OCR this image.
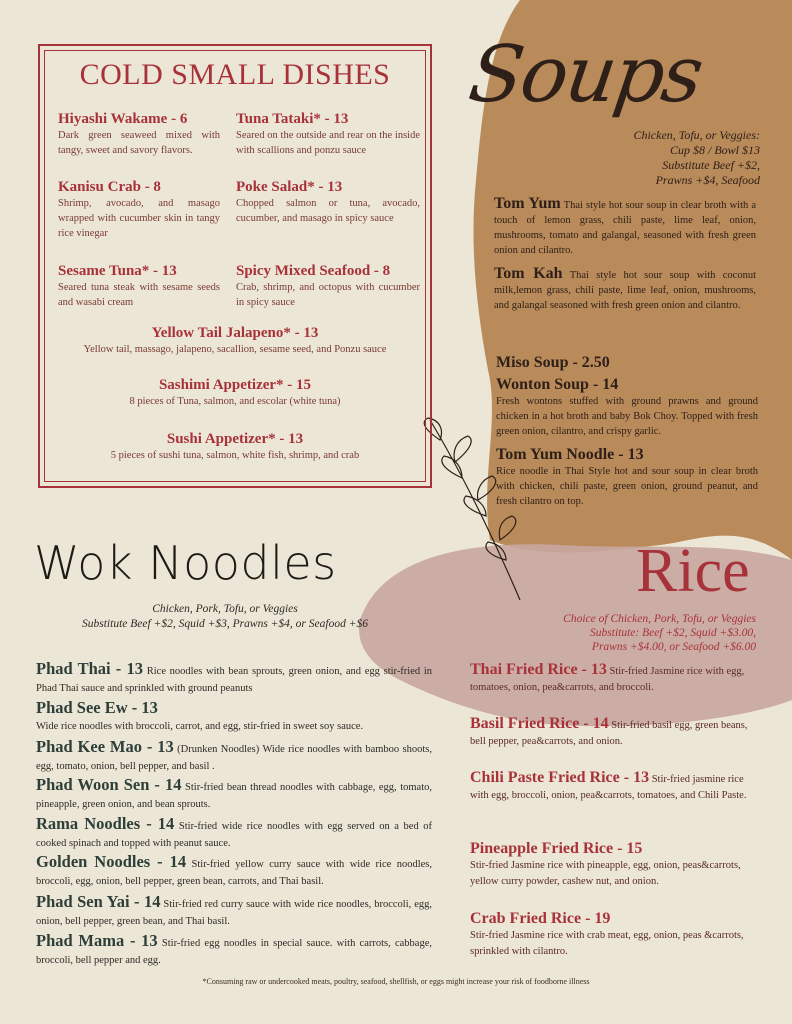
COLD SMALL DISHES
Hiyashi Wakame - 6
Dark green seaweed mixed with tangy, sweet and savory flavors.
Tuna Tataki* - 13
Seared on the outside and rear on the inside with scallions and ponzu sauce
Kanisu Crab - 8
Shrimp, avocado, and masago wrapped with cucumber skin in tangy rice vinegar
Poke Salad* - 13
Chopped salmon or tuna, avocado, cucumber, and masago in spicy sauce
Sesame Tuna* - 13
Seared tuna steak with sesame seeds and wasabi cream
Spicy Mixed Seafood - 8
Crab, shrimp, and octopus with cucumber in spicy sauce
Yellow Tail Jalapeno* - 13
Yellow tail, massago, jalapeno, sacallion, sesame seed, and Ponzu sauce
Sashimi Appetizer* - 15
8 pieces of Tuna, salmon, and escolar (white tuna)
Sushi Appetizer* - 13
5 pieces of sushi tuna, salmon, white fish, shrimp, and crab
Soups
Chicken, Tofu, or Veggies:
Cup $8 / Bowl $13
Substitute Beef +$2,
Prawns +$4, Seafood
Tom Yum Thai style hot sour soup in clear broth with a touch of lemon grass, chili paste, lime leaf, onion, mushrooms, tomato and galangal, seasoned with fresh green onion and cilantro.
Tom Kah Thai style hot sour soup with coconut milk,lemon grass, chili paste, lime leaf, onion, mushrooms, and galangal seasoned with fresh green onion and cilantro.
Miso Soup - 2.50
Wonton Soup - 14
Fresh wontons stuffed with ground prawns and ground chicken in a hot broth and baby Bok Choy. Topped with fresh green onion, cilantro, and crispy garlic.
Tom Yum Noodle - 13
Rice noodle in Thai Style hot and sour soup in clear broth with chicken, chili paste, green onion, ground peanut, and fresh cilantro on top.
Wok Noodles
Chicken, Pork, Tofu, or Veggies
Substitute Beef +$2, Squid +$3, Prawns +$4, or Seafood +$6
Phad Thai - 13 Rice noodles with bean sprouts, green onion, and egg stir-fried in Phad Thai sauce and sprinkled with ground peanuts
Phad See Ew - 13
Wide rice noodles with broccoli, carrot, and egg, stir-fried in sweet soy sauce.
Phad Kee Mao - 13 (Drunken Noodles) Wide rice noodles with bamboo shoots, egg, tomato, onion, bell pepper, and basil .
Phad Woon Sen - 14 Stir-fried bean thread noodles with cabbage, egg, tomato, pineapple, green onion, and bean sprouts.
Rama Noodles - 14 Stir-fried wide rice noodles with egg served on a bed of cooked spinach and topped with peanut sauce.
Golden Noodles - 14 Stir-fried yellow curry sauce with wide rice noodles, broccoli, egg, onion, bell pepper, green bean, carrots, and Thai basil.
Phad Sen Yai - 14 Stir-fried red curry sauce with wide rice noodles, broccoli, egg, onion, bell pepper, green bean, and Thai basil.
Phad Mama - 13 Stir-fried egg noodles in special sauce. with carrots, cabbage, broccoli, bell pepper and egg.
Rice
Choice of Chicken, Pork, Tofu, or Veggies
Substitute: Beef +$2, Squid +$3.00,
Prawns +$4.00, or Seafood +$6.00
Thai Fried Rice - 13 Stir-fried Jasmine rice with egg, tomatoes, onion, pea&carrots, and broccoli.
Basil Fried Rice - 14 Stir-fried basil egg, green beans, bell pepper, pea&carrots, and onion.
Chili Paste Fried Rice - 13 Stir-fried jasmine rice with egg, broccoli, onion, pea&carrots, tomatoes, and Chili Paste.
Pineapple Fried Rice - 15
Stir-fried Jasmine rice with pineapple, egg, onion, peas&carrots, yellow curry powder, cashew nut, and onion.
Crab Fried Rice - 19
Stir-fried Jasmine rice with crab meat, egg, onion, peas &carrots, sprinkled with cilantro.
*Consuming raw or undercooked meats, poultry, seafood, shellfish, or eggs might increase your risk of foodborne illness
